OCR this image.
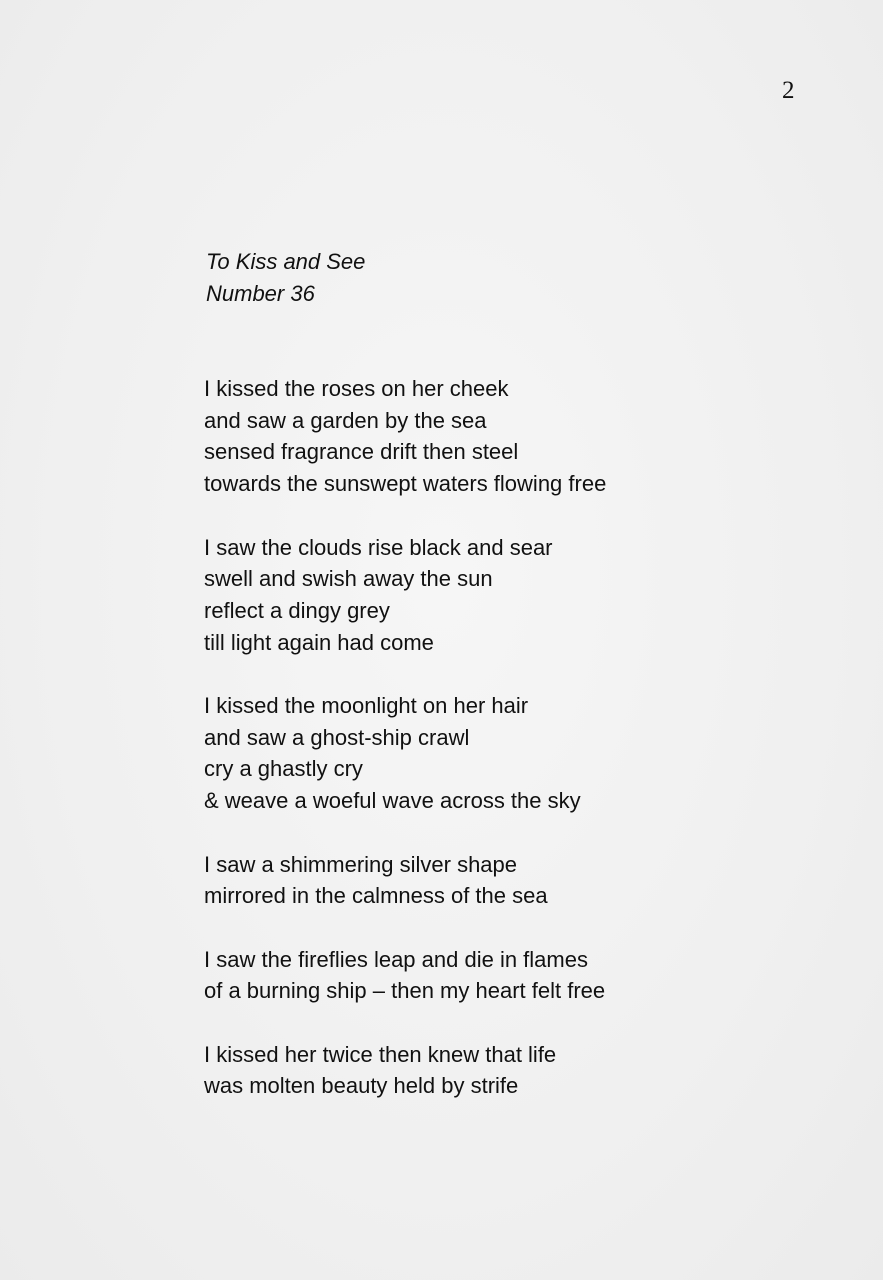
2
To Kiss and See
Number 36
I kissed the roses on her cheek
and saw a garden by the sea
sensed fragrance drift then steel
towards the sunswept waters flowing free
I saw the clouds rise black and sear
swell and swish away the sun
reflect a dingy grey
till light again had come
I kissed the moonlight on her hair
and saw a ghost-ship crawl
cry a ghastly cry
& weave a woeful wave across the sky
I saw a shimmering silver shape
mirrored in the calmness of the sea
I saw the fireflies leap and die in flames
of a burning ship – then my heart felt free
I kissed her twice then knew that life
was molten beauty held by strife
